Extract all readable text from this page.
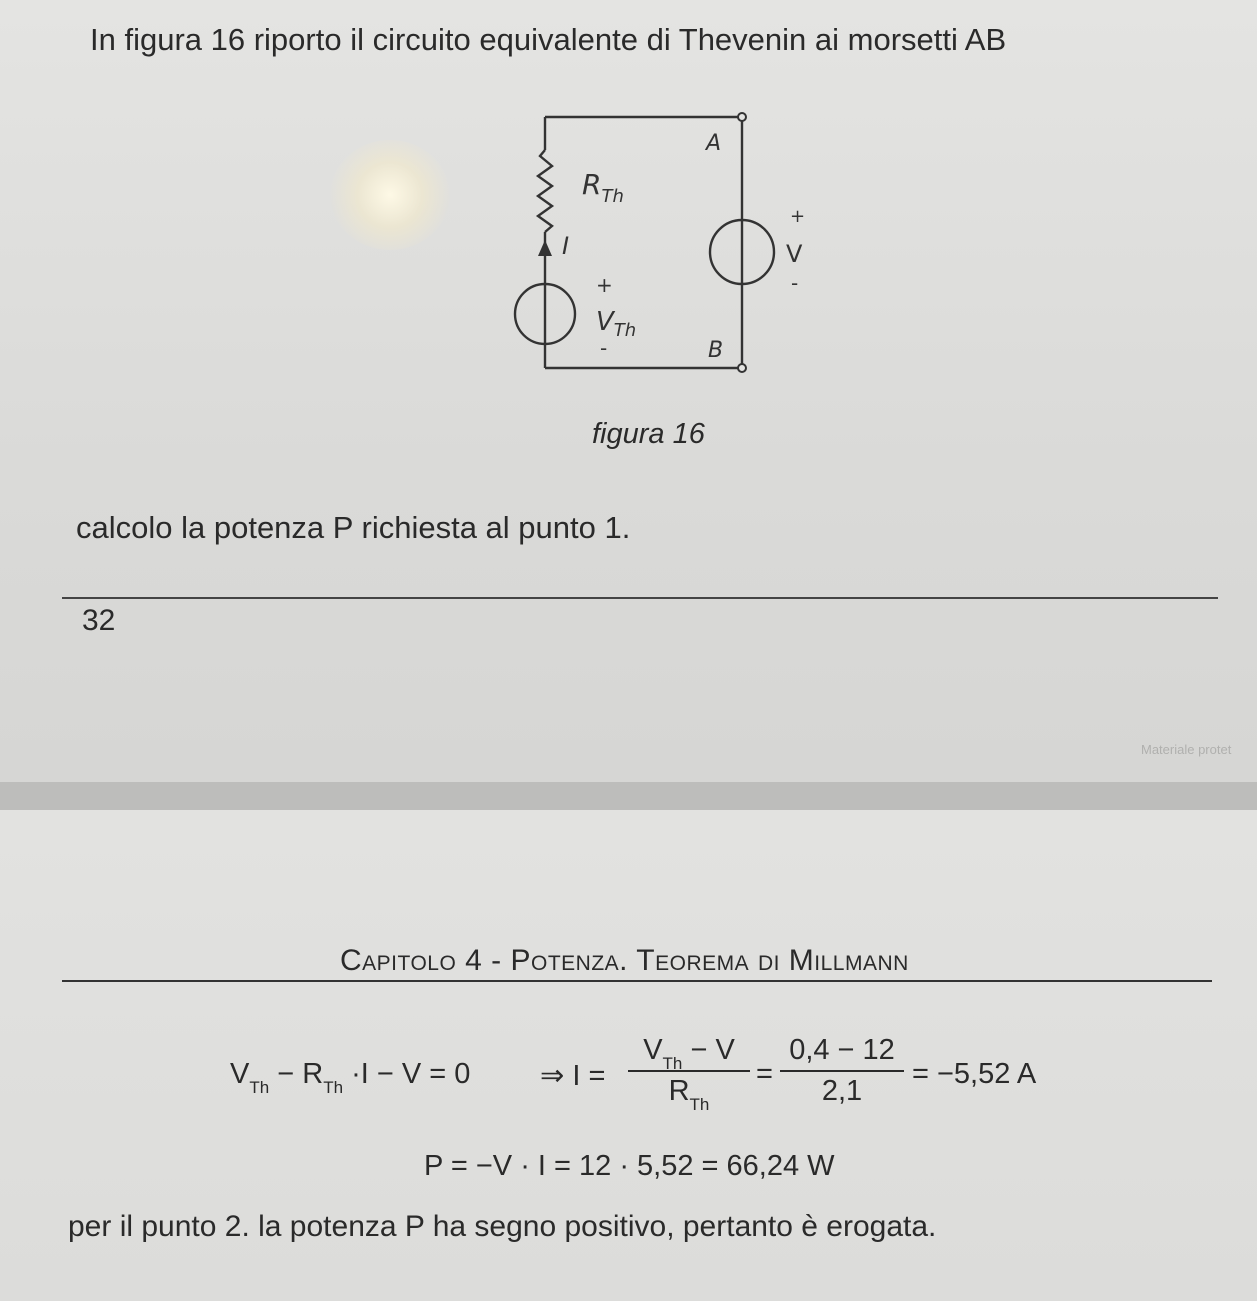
In figura 16 riporto il circuito equivalente di Thevenin ai morsetti AB
$R_{Th}$
I
+
$V_{Th}$
-
A
B
+
V
-
figura 16
calcolo la potenza P richiesta al punto 1.
32
Materiale protet
Capitolo 4 - Potenza. Teorema di Millmann
$V_{Th} - R_{Th} \cdot I - V = 0$ ⇒ I =
$V_{Th} - V$
$R_{Th}$
=
0,4 − 12
2,1
= −5,52 A
P = −V · I = 12 · 5,52 = 66,24 W
per il punto 2. la potenza P ha segno positivo, pertanto è erogata.
